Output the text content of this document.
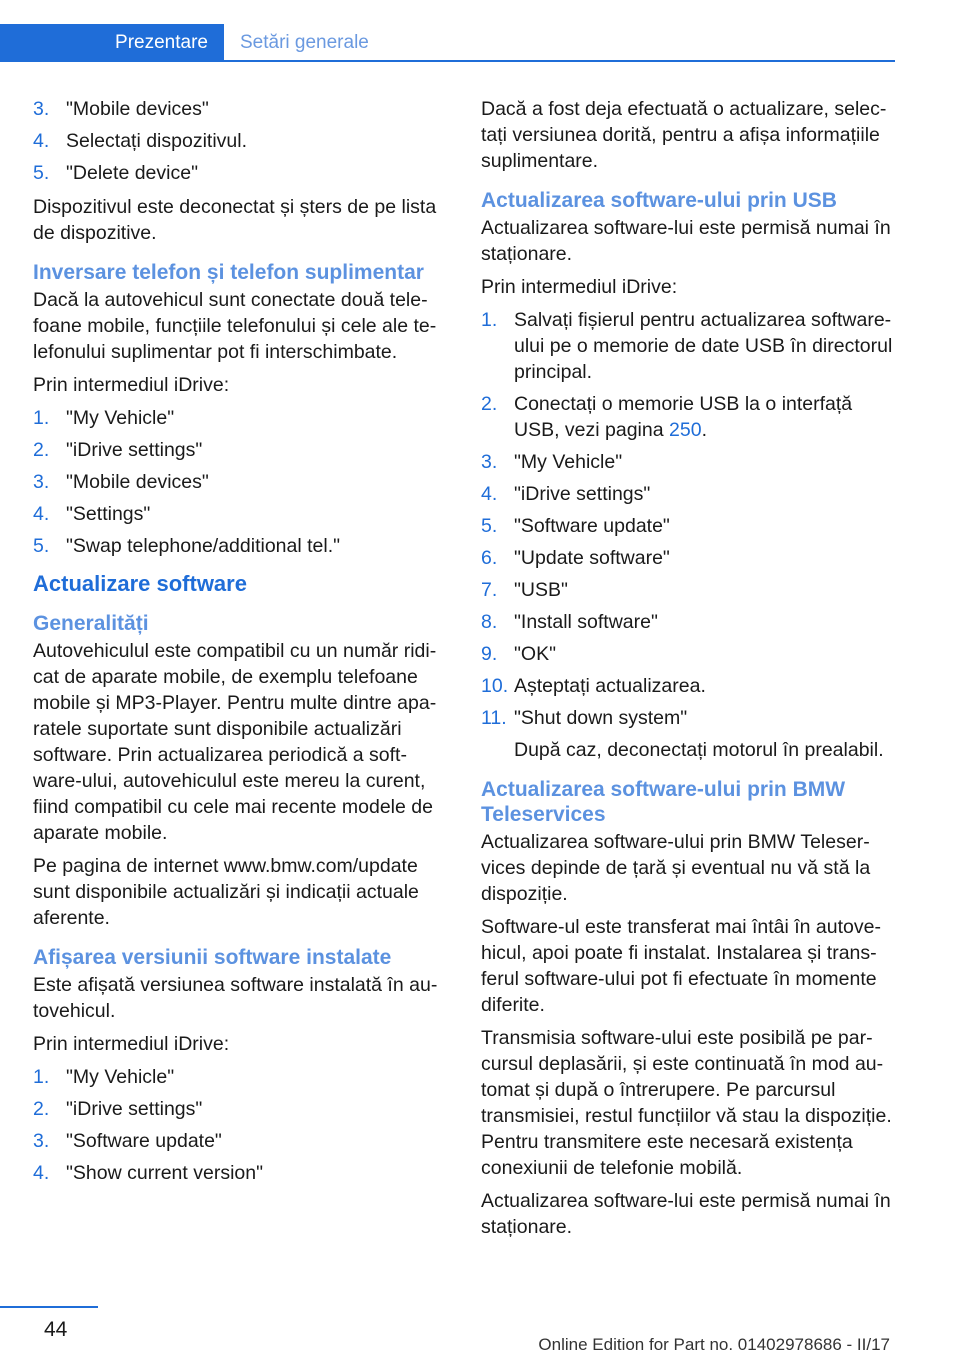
Prezentare	Setări generale
3. "Mobile devices"
4. Selectați dispozitivul.
5. "Delete device"

Dispozitivul este deconectat și șters de pe lista de dispozitive.

Inversare telefon și telefon suplimentar

Dacă la autovehicul sunt conectate două telefoane mobile, funcțiile telefonului și cele ale telefonului suplimentar pot fi interschimbate.

Prin intermediul iDrive:

1. "My Vehicle"
2. "iDrive settings"
3. "Mobile devices"
4. "Settings"
5. "Swap telephone/additional tel."
Actualizare software
Generalități

Autovehiculul este compatibil cu un număr ridicat de aparate mobile, de exemplu telefoane mobile și MP3-Player. Pentru multe dintre aparatele suportate sunt disponibile actualizări software. Prin actualizarea periodică a software-ului, autovehiculul este mereu la curent, fiind compatibil cu cele mai recente modele de aparate mobile.

Pe pagina de internet www.bmw.com/update sunt disponibile actualizări și indicații actuale aferente.

Afișarea versiunii software instalate

Este afișată versiunea software instalată în autovehicul.

Prin intermediul iDrive:

1. "My Vehicle"
2. "iDrive settings"
3. "Software update"
4. "Show current version"

Dacă a fost deja efectuată o actualizare, selectați versiunea dorită, pentru a afișa informațiile suplimentare.

Actualizarea software-ului prin USB

Actualizarea software-lui este permisă numai în staționare.

Prin intermediul iDrive:

1. Salvați fișierul pentru actualizarea software-ului pe o memorie de date USB în directorul principal.
2. Conectați o memorie USB la o interfață USB, vezi pagina 250.
3. "My Vehicle"
4. "iDrive settings"
5. "Software update"
6. "Update software"
7. "USB"
8. "Install software"
9. "OK"
10. Așteptați actualizarea.
11. "Shut down system"
După caz, deconectați motorul în prealabil.
Actualizarea software-ului prin BMW Teleservices

Actualizarea software-ului prin BMW Teleservices depinde de țară și eventual nu vă stă la dispoziție.

Software-ul este transferat mai întâi în autovehicul, apoi poate fi instalat. Instalarea și transferul software-ului pot fi efectuate în momente diferite.

Transmisia software-ului este posibilă pe parcursul deplasării, și este continuată în mod automat și după o întrerupere. Pe parcursul transmisiei, restul funcțiilor vă stau la dispoziție. Pentru transmitere este necesară existența conexiunii de telefonie mobilă.

Actualizarea software-lui este permisă numai în staționare.

44
Online Edition for Part no. 01402978686 - II/17
